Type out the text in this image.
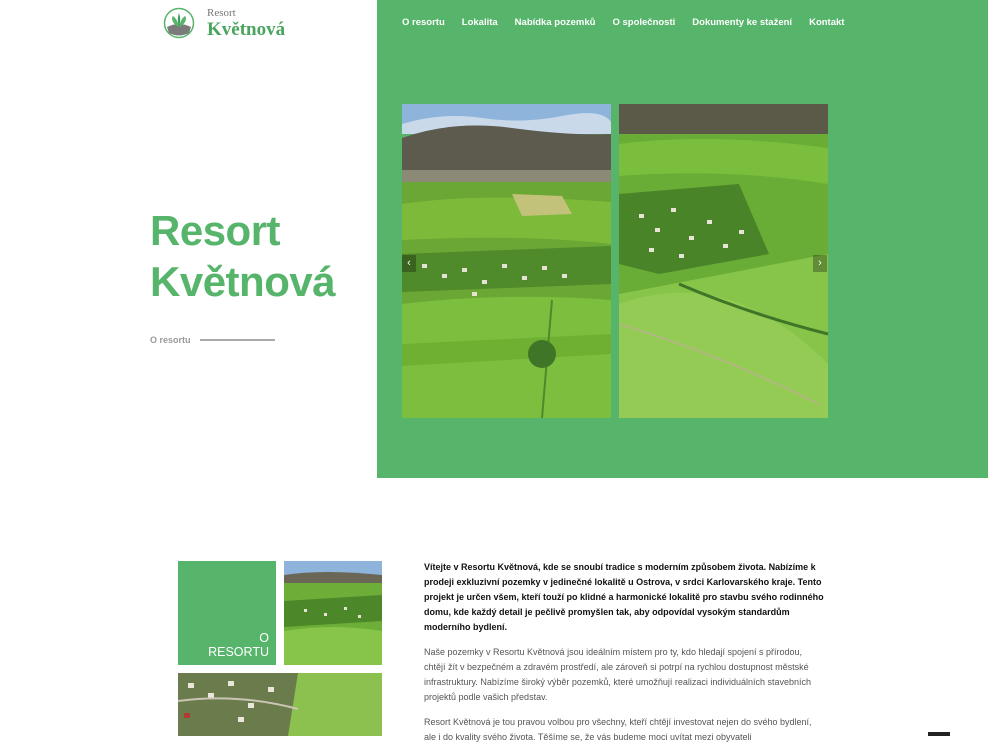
Resort
Květnová	O resortu Lokalita Nabídka pozemků O společnosti Dokumenty ke stažení Kontakt
Resort
Květnová
O resortu
‹	›
O
RESORTU

Vítejte v Resortu Květnová, kde se snoubí tradice s moderním způsobem života. Nabízíme k prodeji exkluzivní pozemky v jedinečné lokalitě u Ostrova, v srdci Karlovarského kraje. Tento projekt je určen všem, kteří touží po klidné a harmonické lokalitě pro stavbu svého rodinného domu, kde každý detail je pečlivě promyšlen tak, aby odpovídal vysokým standardům moderního bydlení.

Naše pozemky v Resortu Květnová jsou ideálním místem pro ty, kdo hledají spojení s přírodou, chtějí žít v bezpečném a zdravém prostředí, ale zároveň si potrpí na rychlou dostupnost městské infrastruktury. Nabízíme široký výběr pozemků, které umožňují realizaci individuálních stavebních projektů podle vašich představ.

Resort Květnová je tou pravou volbou pro všechny, kteří chtějí investovat nejen do svého bydlení, ale i do kvality svého života. Těšíme se, že vás budeme moci uvítat mezi obyvateli
